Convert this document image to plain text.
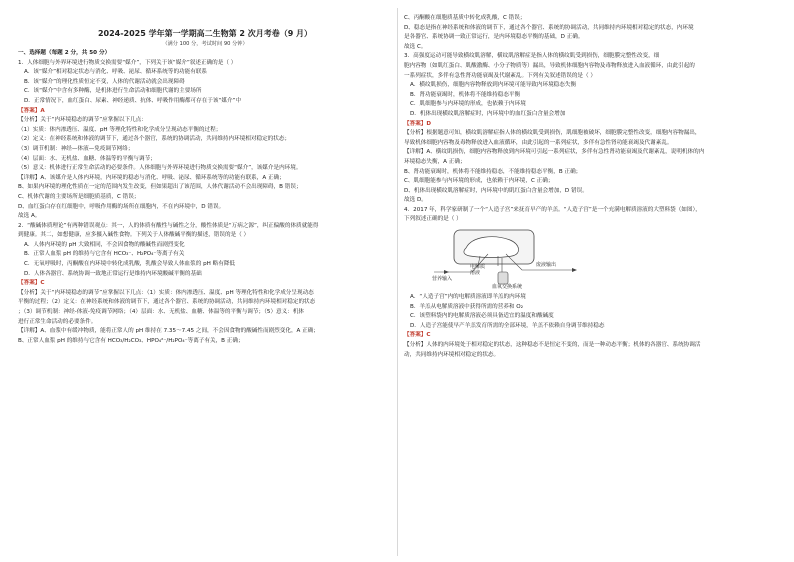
2024-2025 学年第一学期高二生物第 2 次月考卷（9 月）
（满分 100 分，考试时间 90 分钟）
一、选择题（每题 2 分，共 50 分）
1．人体细胞与外界环境进行物质交换需要“媒介”，下列关于该“媒介”叙述正确的是（ ）
A．该“媒介”相对稳定状态与消化、呼吸、泌尿、循环系统等的功能有联系
B．该“媒介”的理化性质恒定不变，人体的代谢活动就会出现障碍
C．该“媒介”中含有多种酶，是机体进行生命活动和细胞代谢的主要场所
D．正常情况下，血红蛋白、尿素、神经递质、抗体、呼吸作用酶都可存在于该“媒介”中
【答案】A
【分析】关于“内环境稳态的调节”应掌握以下几点：
（1）实质：体内渗透压、温度、pH 等理化特性和化学成分呈现动态平衡的过程；
（2）定义：在神经系统和体液的调节下，通过各个器官，系统的协调活动，共同维持内环境相对稳定的状态；
（3）调节机制：神经—体液—免疫调节网络；
（4）层面：水、无机盐、血糖、体温等的平衡与调节；
（5）意义：机体进行正常生命活动的必要条件。人体细胞与外界环境进行物质交换需要“媒介”，该媒介是内环境。
【详解】A、该媒介是人体内环境，内环境的稳态与消化、呼吸、泌尿、循环系统等的功能有联系，A 正确；
B、如果内环境的理化性质在一定的范围内发生改变，但如果超出了该范围，人体代谢活动不会出现障碍，B 错误；
C、机体代谢的主要场所是细胞质基质，C 错误；
D、血红蛋白存在红细胞中，呼吸作用酶的场所在细胞内，不在内环境中，D 错误。
故选 A。
2．“酸碱体质理论”有两种错误观点：其一，人的体质有酸性与碱性之分，酸性体质是“万病之源”，纠正偏酸的体质就能得
到健康。其二，如想健康，应多摄入碱性食物。下列关于人体酸碱平衡的描述，错误的是（ ）
A．人体内环境的 pH 大致相同，不会因食物的酸碱性而剧烈变化
B．正常人血浆 pH 的维持与它含有 HCO₃⁻、H₂PO₄⁻等离子有关
C．无氧呼吸时，丙酮酸在内环境中转化成乳酸，乳酸会导致人体血浆的 pH 略有降低
D．人体各器官、系统协调一致地正常运行是维持内环境酸碱平衡的基础
【答案】C
【分析】关于“内环境稳态的调节”应掌握以下几点：（1）实质：体内渗透压、温度、pH 等理化特性和化学成分呈现动态
平衡的过程；（2）定义：在神经系统和体液的调节下，通过各个器官、系统的协调活动，共同维持内环境相对稳定的状态
；（3）调节机制：神经-体液-免疫调节网络；（4）层面：水、无机盐、血糖、体温等的平衡与调节；（5）意义：机体
进行正常生命活动的必要条件。
【详解】A、血浆中有缓冲物质，能将正常人的 pH 维持在 7.35～7.45 之间，不会因食物的酸碱性而剧烈变化，A 正确；
B、正常人血浆 pH 的维持与它含有 HCO₃/H₂CO₃、HPO₄²⁻/H₂PO₄⁻等离子有关，B 正确；
C、丙酮酸在细胞质基质中转化成乳酸，C 错误；
D、稳态是指在神经系统和体液的调节下，通过各个器官、系统的协调活动，共同维持内环境相对稳定的状态，内环境
是各器官、系统协调一致正常运行，是内环境稳态平衡的基础，D 正确。
故选 C。
3．高强度运动可能导致横纹肌溶解，横纹肌溶解症是指人体的横纹肌受到损伤，细胞膜完整性改变，细
胞内容物（如肌红蛋白、肌酸激酶、小分子物质等）漏出，导致机体细胞内容物及毒物释放进入血液循环，由此引起的
一系列症状，多伴有急性肾功能衰竭及代谢紊乱。下列有关叙述错误的是（ ）
A．横纹肌损伤，细胞内容物释放到内环境可能导致内环境稳态失衡
B．肾功能衰竭时，机体将不能维持稳态平衡
C．肌细胞参与内环境的形成，也依赖于内环境
D．机体出现横纹肌溶解症时，内环境中的血红蛋白含量会增加
【答案】D
【分析】根据题意可知，横纹肌溶解症指人体的横纹肌受到损伤，肌细胞被破坏，细胞膜完整性改变，细胞内容物漏出，
导致机体细胞内容物及毒物释放进入血液循环，由此引起的一系列症状，多伴有急性肾功能衰竭及代谢紊乱。
【详解】A、横纹肌损伤，细胞内容物释放到内环境可引起一系列症状，多伴有急性肾功能衰竭及代谢紊乱，说明机体的内
环境稳态失衡，A 正确；
B、肾功能衰竭时，机体将不能维持稳态，不能维持稳态平衡，B 正确；
C、肌细胞能参与内环境的形成，也依赖于内环境，C 正确；
D、机体出现横纹肌溶解症时，内环境中的肌红蛋白含量会增加，D 错误。
故选 D。
4．2017 年，科学家研制了一个“人造子宫”来抚育早产的羊羔。“人造子宫”是一个充满电解质溶液的大塑料袋（如图），
下列叙述正确的是（ ）
电解质
溶液
营养输入
废液输出
血氧交换系统
A．“人造子宫”内的电解质溶液即羊羔的内环境
B．羊羔从电解质溶液中获得所需的营养和 O₂
C．该塑料袋内的电解质溶液必须具备适宜的温度和酸碱度
D．人造子宫能使早产羊羔发育所需的全部环境，羊羔不依赖自身调节维持稳态
【答案】C
【分析】人体的内环境处于相对稳定的状态，这种稳态不是恒定不变的，而是一种动态平衡；机体的各器官、系统协调活
动，共同维持内环境相对稳定的状态。
